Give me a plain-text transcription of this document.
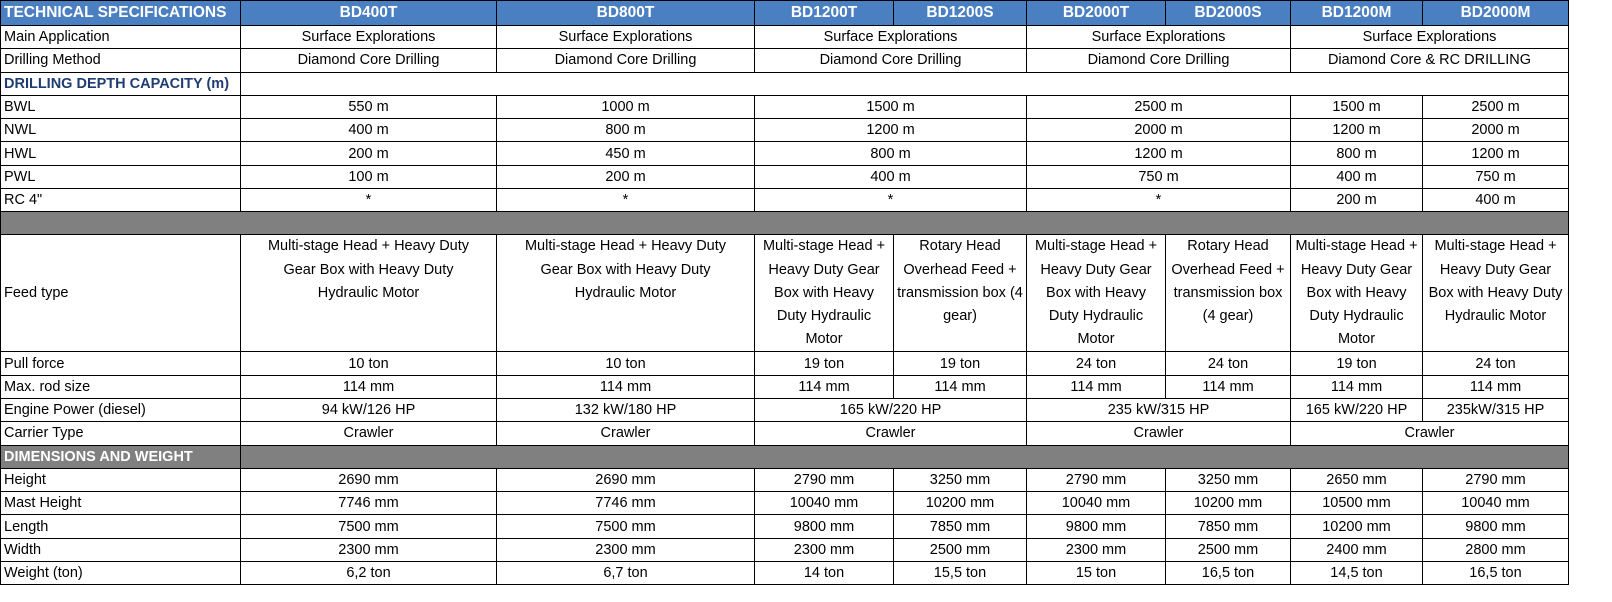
TECHNICAL SPECIFICATIONS	BD400T	BD800T	BD1200T	BD1200S	BD2000T	BD2000S	BD1200M	BD2000M
Main Application	Surface Explorations	Surface Explorations	Surface Explorations		Surface Explorations		Surface Explorations	
Drilling Method	Diamond Core Drilling	Diamond Core Drilling	Diamond Core Drilling		Diamond Core Drilling		Diamond Core & RC DRILLING	
DRILLING DEPTH CAPACITY (m)								
BWL	550 m	1000 m	1500 m		2500 m		1500 m	2500 m
NWL	400 m	800 m	1200 m		2000 m		1200 m	2000 m
HWL	200 m	450 m	800 m		1200 m		800 m	1200 m
PWL	100 m	200 m	400 m		750 m		400 m	750 m
RC 4"	*	*	*		*		200 m	400 m

Feed type	Multi-stage Head + Heavy Duty Gear Box with Heavy Duty Hydraulic Motor	Multi-stage Head + Heavy Duty Gear Box with Heavy Duty Hydraulic Motor	Multi-stage Head + Heavy Duty Gear Box with Heavy Duty Hydraulic Motor	Rotary Head Overhead Feed + transmission box (4 gear)	Multi-stage Head + Heavy Duty Gear Box with Heavy Duty Hydraulic Motor	Rotary Head Overhead Feed + transmission box (4 gear)	Multi-stage Head + Heavy Duty Gear Box with Heavy Duty Hydraulic Motor	Multi-stage Head + Heavy Duty Gear Box with Heavy Duty Hydraulic Motor
Pull force	10 ton	10 ton	19 ton	19 ton	24 ton	24 ton	19 ton	24 ton
Max. rod size	114 mm	114 mm	114 mm	114 mm	114 mm	114 mm	114 mm	114 mm
Engine Power (diesel)	94 kW/126 HP	132 kW/180 HP	165 kW/220 HP		235 kW/315 HP		165 kW/220 HP	235kW/315 HP
Carrier Type	Crawler	Crawler	Crawler		Crawler		Crawler	
DIMENSIONS AND WEIGHT								
Height	2690 mm	2690 mm	2790 mm	3250 mm	2790 mm	3250 mm	2650 mm	2790 mm
Mast Height	7746 mm	7746 mm	10040 mm	10200 mm	10040 mm	10200 mm	10500 mm	10040 mm
Length	7500 mm	7500 mm	9800 mm	7850 mm	9800 mm	7850 mm	10200 mm	9800 mm
Width	2300 mm	2300 mm	2300 mm	2500 mm	2300 mm	2500 mm	2400 mm	2800 mm
Weight (ton)	6,2 ton	6,7 ton	14 ton	15,5 ton	15 ton	16,5 ton	14,5 ton	16,5 ton
